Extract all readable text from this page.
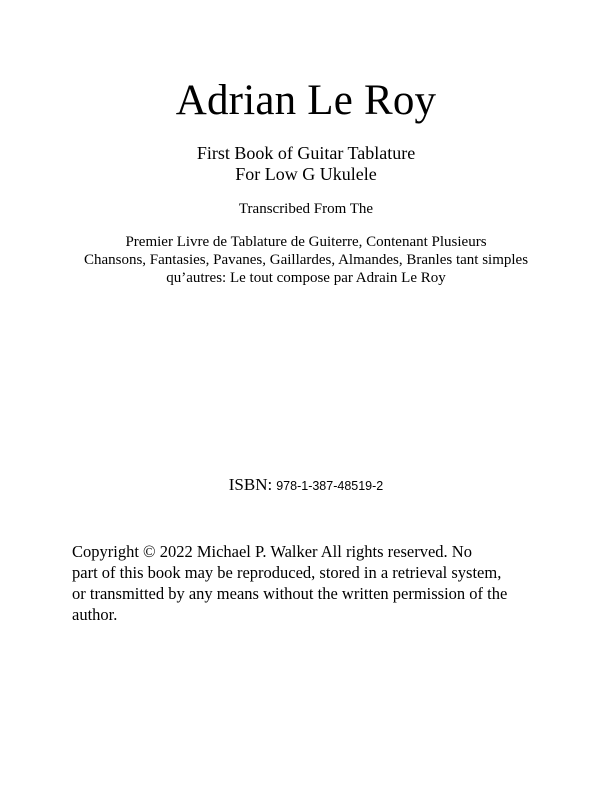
Adrian Le Roy
First Book of Guitar Tablature
For Low G Ukulele
Transcribed From The
Premier Livre de Tablature de Guiterre, Contenant Plusieurs
Chansons, Fantasies, Pavanes, Gaillardes, Almandes, Branles tant simples
qu’autres: Le tout compose par Adrain Le Roy
ISBN: 978-1-387-48519-2
Copyright © 2022 Michael P. Walker All rights reserved. No
part of this book may be reproduced, stored in a retrieval system,
or transmitted by any means without the written permission of the
author.
